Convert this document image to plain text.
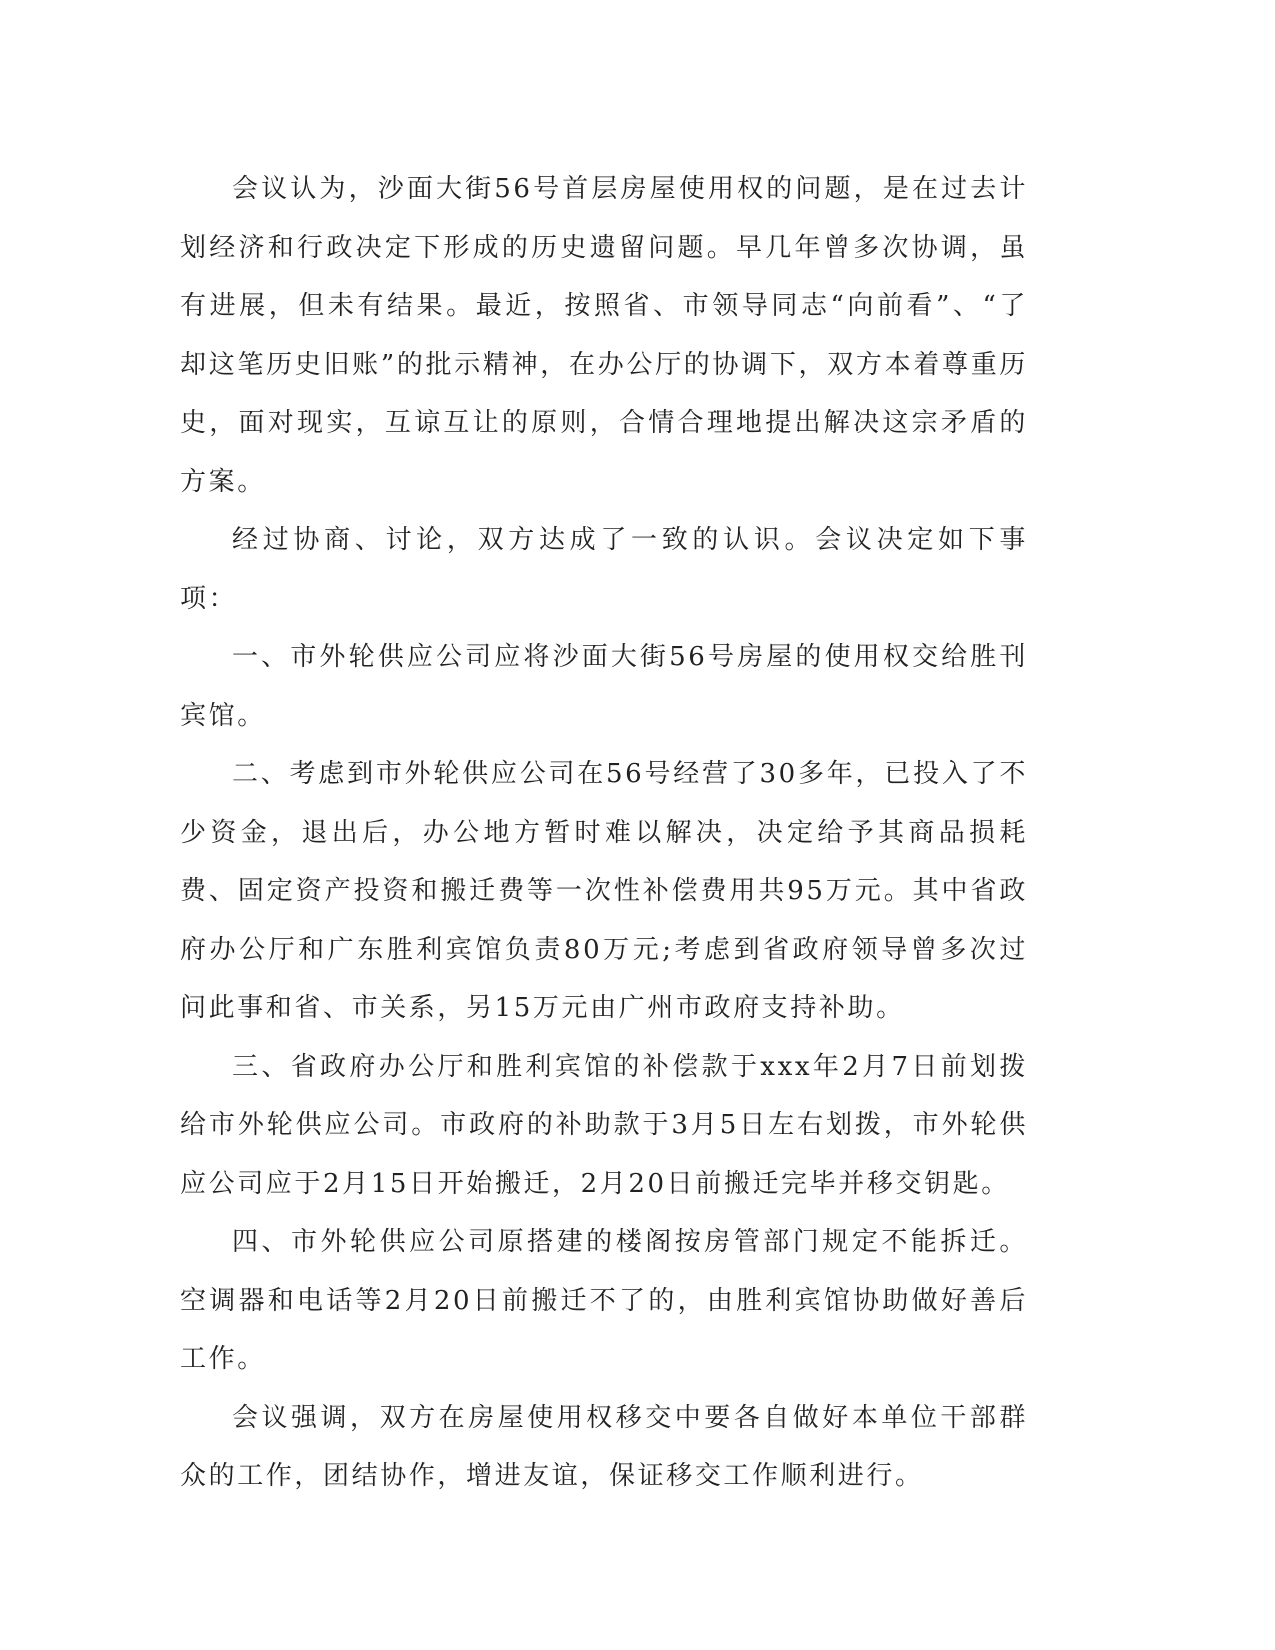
会议认为，沙面大街56号首层房屋使用权的问题，是在过去计划经济和行政决定下形成的历史遗留问题。早几年曾多次协调，虽有进展，但未有结果。最近，按照省、市领导同志“向前看”、“了却这笔历史旧账”的批示精神，在办公厅的协调下，双方本着尊重历史，面对现实，互谅互让的原则，合情合理地提出解决这宗矛盾的方案。

经过协商、讨论，双方达成了一致的认识。会议决定如下事项：

一、市外轮供应公司应将沙面大街56号房屋的使用权交给胜刊宾馆。

二、考虑到市外轮供应公司在56号经营了30多年，已投入了不少资金，退出后，办公地方暂时难以解决，决定给予其商品损耗费、固定资产投资和搬迁费等一次性补偿费用共95万元。其中省政府办公厅和广东胜利宾馆负责80万元;考虑到省政府领导曾多次过问此事和省、市关系，另15万元由广州市政府支持补助。

三、省政府办公厅和胜利宾馆的补偿款于xxx年2月7日前划拨给市外轮供应公司。市政府的补助款于3月5日左右划拨，市外轮供应公司应于2月15日开始搬迁，2月20日前搬迁完毕并移交钥匙。

四、市外轮供应公司原搭建的楼阁按房管部门规定不能拆迁。空调器和电话等2月20日前搬迁不了的，由胜利宾馆协助做好善后工作。

会议强调，双方在房屋使用权移交中要各自做好本单位干部群众的工作，团结协作，增进友谊，保证移交工作顺利进行。
